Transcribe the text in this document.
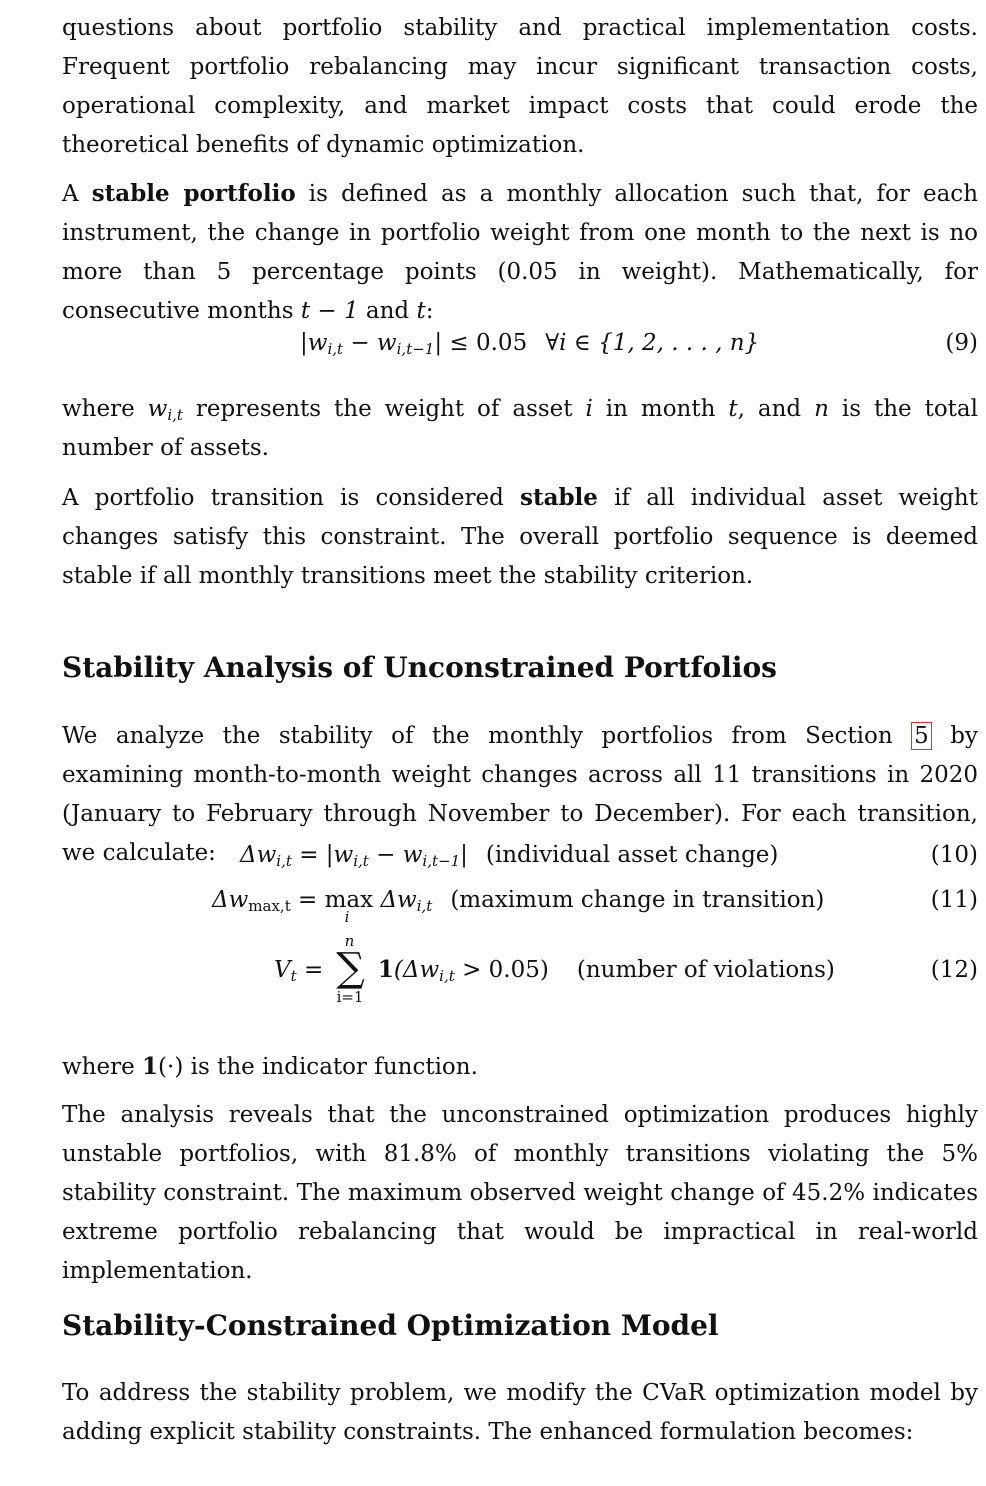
questions about portfolio stability and practical implementation costs. Frequent portfolio rebalancing may incur significant transaction costs, operational complexity, and market impact costs that could erode the theoretical benefits of dynamic optimization.

A stable portfolio is defined as a monthly allocation such that, for each instrument, the change in portfolio weight from one month to the next is no more than 5 percentage points (0.05 in weight). Mathematically, for consecutive months t − 1 and t:

$|w_{i,t} - w_{i,t-1}| \le 0.05$ ∀i ∈ {1, 2, . . . , n}	(9)

where $w_{i,t}$ represents the weight of asset i in month t, and n is the total number of assets.

A portfolio transition is considered stable if all individual asset weight changes satisfy this constraint. The overall portfolio sequence is deemed stable if all monthly transitions meet the stability criterion.

Stability Analysis of Unconstrained Portfolios

We analyze the stability of the monthly portfolios from Section 5 by examining month-to-month weight changes across all 11 transitions in 2020 (January to February through November to December). For each transition, we calculate:	$\Delta w_{i,t} = |w_{i,t} - w_{i,t-1}|$ (individual asset change)	(10)
$\Delta w_{max,t} = \max$
i
$\Delta w_{i,t}$ (maximum change in transition)	(11)
$V_t$ = ∑
n
i=1
$1(\Delta w_{i,t} > 0.05)$ (number of violations)	(12)

where 1(·) is the indicator function.

The analysis reveals that the unconstrained optimization produces highly unstable portfolios, with 81.8% of monthly transitions violating the 5% stability constraint. The maximum observed weight change of 45.2% indicates extreme portfolio rebalancing that would be impractical in real-world implementation.

Stability-Constrained Optimization Model

To address the stability problem, we modify the CVaR optimization model by adding explicit stability constraints. The enhanced formulation becomes:
